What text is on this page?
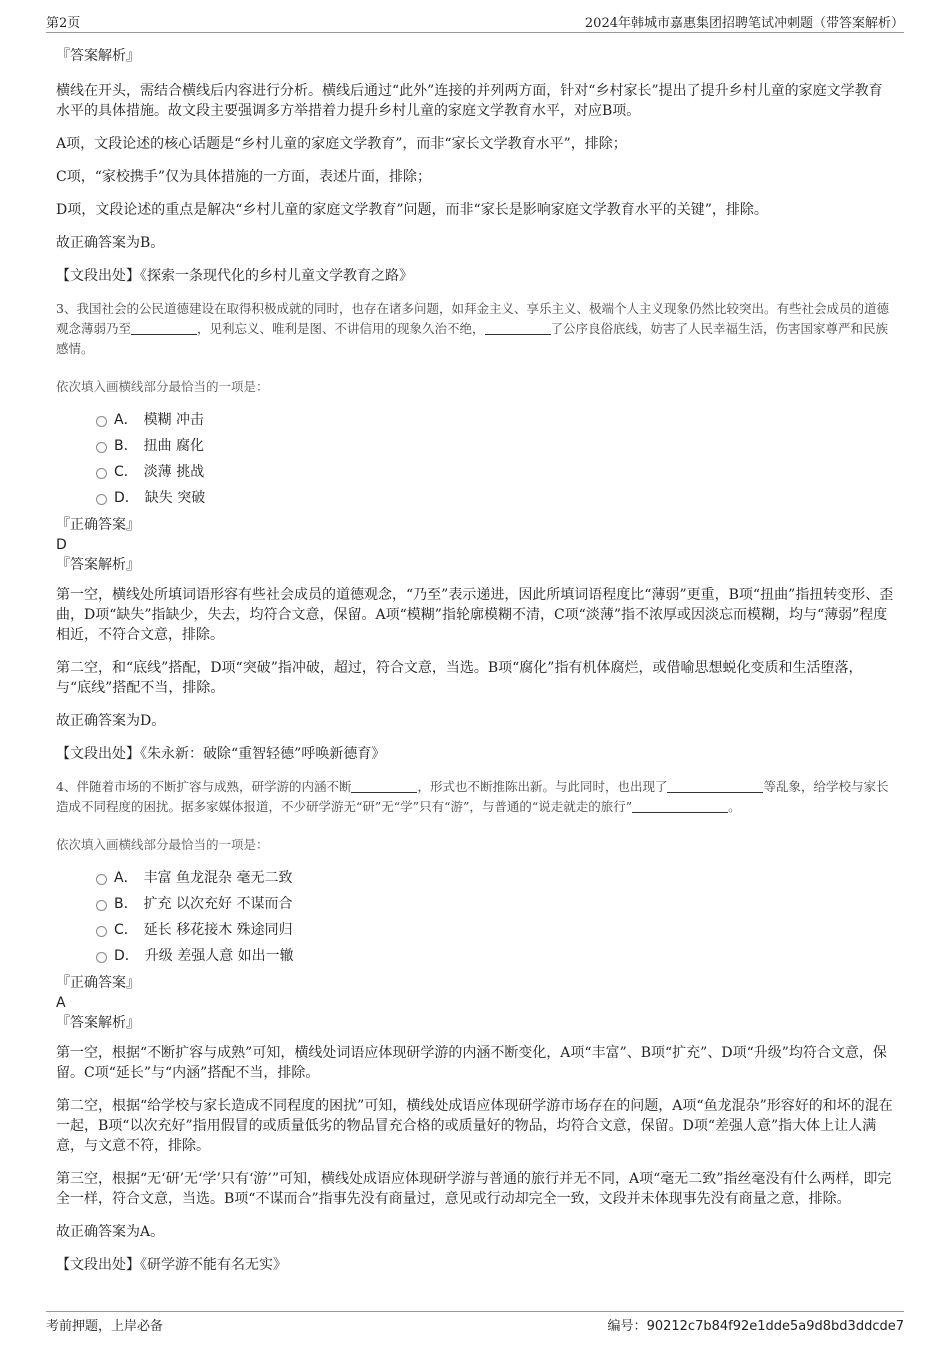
第2页	2024年韩城市嘉惠集团招聘笔试冲刺题（带答案解析）

『答案解析』

横线在开头，需结合横线后内容进行分析。横线后通过“此外”连接的并列两方面，针对“乡村家长”提出了提升乡村儿童的家庭文学教育水平的具体措施。故文段主要强调多方举措着力提升乡村儿童的家庭文学教育水平，对应B项。

A项，文段论述的核心话题是“乡村儿童的家庭文学教育”，而非“家长文学教育水平”，排除；

C项，“家校携手”仅为具体措施的一方面，表述片面，排除；

D项，文段论述的重点是解决“乡村儿童的家庭文学教育”问题，而非“家长是影响家庭文学教育水平的关键”，排除。

故正确答案为B。

【文段出处】《探索一条现代化的乡村儿童文学教育之路》

3、我国社会的公民道德建设在取得积极成就的同时，也存在诸多问题，如拜金主义、享乐主义、极端个人主义现象仍然比较突出。有些社会成员的道德观念薄弱乃至	，见利忘义、唯利是图、不讲信用的现象久治不绝，	了公序良俗底线，妨害了人民幸福生活，伤害国家尊严和民族感情。

依次填入画横线部分最恰当的一项是：

A． 模糊 冲击
B． 扭曲 腐化
C． 淡薄 挑战
D． 缺失 突破

『正确答案』

D

『答案解析』

第一空，横线处所填词语形容有些社会成员的道德观念，“乃至”表示递进，因此所填词语程度比“薄弱”更重，B项“扭曲”指扭转变形、歪曲，D项“缺失”指缺少，失去，均符合文意，保留。A项“模糊”指轮廓模糊不清，C项“淡薄”指不浓厚或因淡忘而模糊，均与“薄弱”程度相近，不符合文意，排除。

第二空，和“底线”搭配，D项“突破”指冲破，超过，符合文意，当选。B项“腐化”指有机体腐烂，或借喻思想蜕化变质和生活堕落，与“底线”搭配不当，排除。

故正确答案为D。

【文段出处】《朱永新：破除“重智轻德”呼唤新德育》

4、伴随着市场的不断扩容与成熟，研学游的内涵不断	，形式也不断推陈出新。与此同时，也出现了	等乱象，给学校与家长造成不同程度的困扰。据多家媒体报道，不少研学游无“研”无“学”只有“游”，与普通的“说走就走的旅行”	。

依次填入画横线部分最恰当的一项是：

A． 丰富 鱼龙混杂 毫无二致
B． 扩充 以次充好 不谋而合
C． 延长 移花接木 殊途同归
D． 升级 差强人意 如出一辙

『正确答案』

A

『答案解析』

第一空，根据“不断扩容与成熟”可知，横线处词语应体现研学游的内涵不断变化，A项“丰富”、B项“扩充”、D项“升级”均符合文意，保留。C项“延长”与“内涵”搭配不当，排除。

第二空，根据“给学校与家长造成不同程度的困扰”可知，横线处成语应体现研学游市场存在的问题，A项“鱼龙混杂”形容好的和坏的混在一起，B项“以次充好”指用假冒的或质量低劣的物品冒充合格的或质量好的物品，均符合文意，保留。D项“差强人意”指大体上让人满意，与文意不符，排除。

第三空，根据“无‘研’无‘学’只有‘游’”可知，横线处成语应体现研学游与普通的旅行并无不同，A项“毫无二致”指丝毫没有什么两样，即完全一样，符合文意，当选。B项“不谋而合”指事先没有商量过，意见或行动却完全一致，文段并未体现事先没有商量之意，排除。

故正确答案为A。

【文段出处】《研学游不能有名无实》

考前押题，上岸必备	编号：90212c7b84f92e1dde5a9d8bd3ddcde7
